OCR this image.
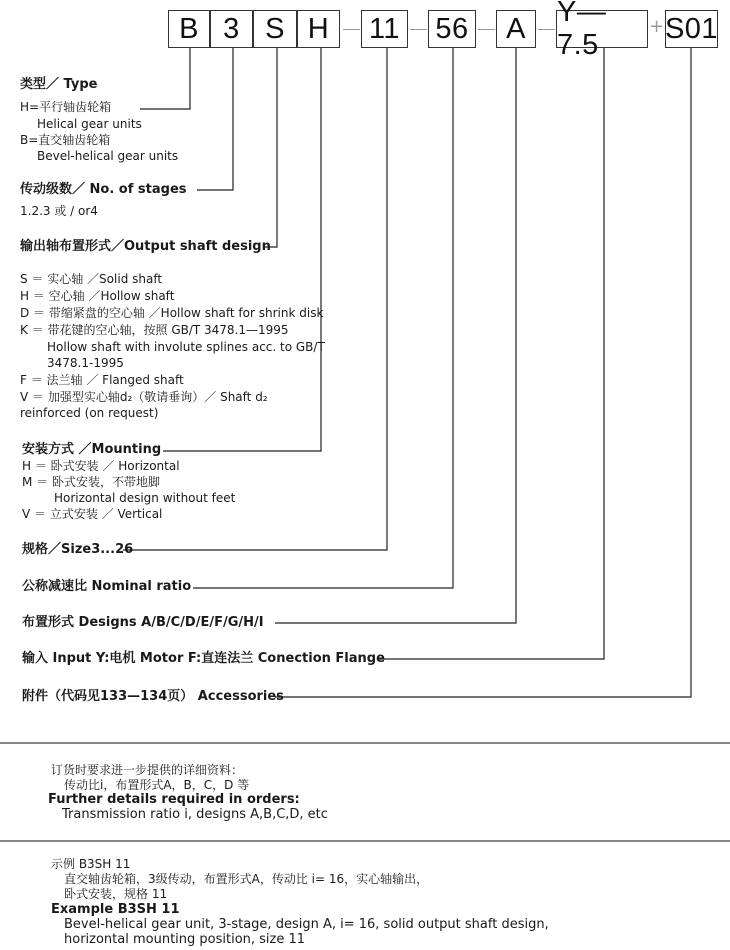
B 3 S H	11 56	A
Y—7.5
+ S01
类型／ Type
H=平行轴齿轮箱
Helical gear units
B=直交轴齿轮箱
Bevel-helical gear units
传动级数／ No. of stages
1.2.3 或 / or4
输出轴布置形式／Output shaft design
S ＝ 实心轴 ／Solid shaft
H ＝ 空心轴 ／Hollow shaft
D ＝ 带缩紧盘的空心轴 ／Hollow shaft for shrink disk
K ＝ 带花键的空心轴，按照 GB/T 3478.1—1995
Hollow shaft with involute splines acc. to GB/T
3478.1-1995
F ＝ 法兰轴 ／ Flanged shaft
V ＝ 加强型实心轴d₂（敬请垂询）／ Shaft d₂
reinforced (on request)
安装方式 ／Mounting
H ＝ 卧式安装 ／ Horizontal
M ＝ 卧式安装，不带地脚
Horizontal design without feet
V ＝ 立式安装 ／ Vertical
规格／Size3...26
公称减速比 Nominal ratio
布置形式 Designs A/B/C/D/E/F/G/H/I
输入 Input Y:电机 Motor F:直连法兰 Conection Flange
附件（代码见133—134页） Accessories
订货时要求进一步提供的详细资料：
传动比i，布置形式A，B，C，D 等
Further details required in orders:
Transmission ratio i, designs A,B,C,D, etc
示例 B3SH 11
直交轴齿轮箱，3级传动，布置形式A，传动比 i= 16，实心轴输出，
卧式安装，规格 11
Example B3SH 11
Bevel-helical gear unit, 3-stage, design A, i= 16, solid output shaft design,
horizontal mounting position, size 11
